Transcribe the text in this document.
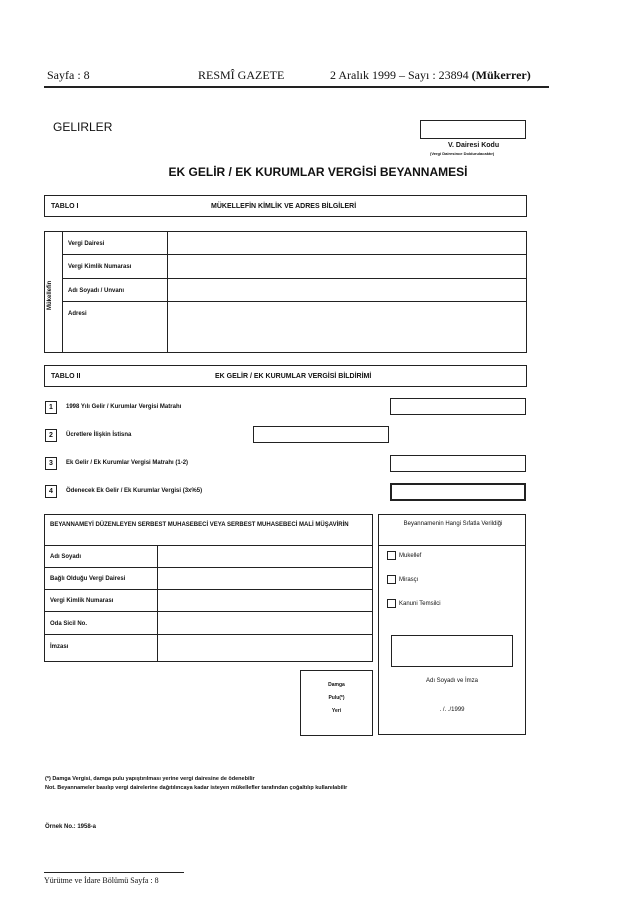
Sayfa : 8	RESMÎ GAZETE	2 Aralık 1999 – Sayı : 23894 (Mükerrer)
GELIRLER
V. Dairesi Kodu
(Vergi Dairesince Doldurulacaktır)
EK GELİR / EK KURUMLAR VERGİSİ BEYANNAMESİ
TABLO I	MÜKELLEFİN KİMLİK VE ADRES BİLGİLERİ
Mükellefin
Vergi Dairesi
Vergi Kimlik Numarası
Adı Soyadı / Unvanı
Adresi
TABLO II	EK GELİR / EK KURUMLAR VERGİSİ BİLDİRİMİ
1	1998 Yılı Gelir / Kurumlar Vergisi Matrahı
2	Ücretlere İlişkin İstisna
3	Ek Gelir / Ek Kurumlar Vergisi Matrahı (1-2)
4	Ödenecek Ek Gelir / Ek Kurumlar Vergisi (3x%5)
BEYANNAMEYİ DÜZENLEYEN SERBEST MUHASEBECİ VEYA SERBEST MUHASEBECİ MALİ MÜŞAVİRİN
Adı Soyadı
Bağlı Olduğu Vergi Dairesi
Vergi Kimlik Numarası
Oda Sicil No.
İmzası
Damga
Pulu(*)
Yeri
Beyannamenin Hangi Sıfatla Verildiği
Mukellef
Mirasçı
Kanuni Temsilci
Adı Soyadı ve İmza
. /. ./1999
(*) Damga Vergisi, damga pulu yapıştırılması yerine vergi dairesine de ödenebilir
Not. Beyannameler basılıp vergi dairelerine dağıtılıncaya kadar isteyen mükellefler tarafından çoğaltılıp kullanılabilir
Örnek No.: 1958-a
Yürütme ve İdare Bölümü Sayfa : 8
